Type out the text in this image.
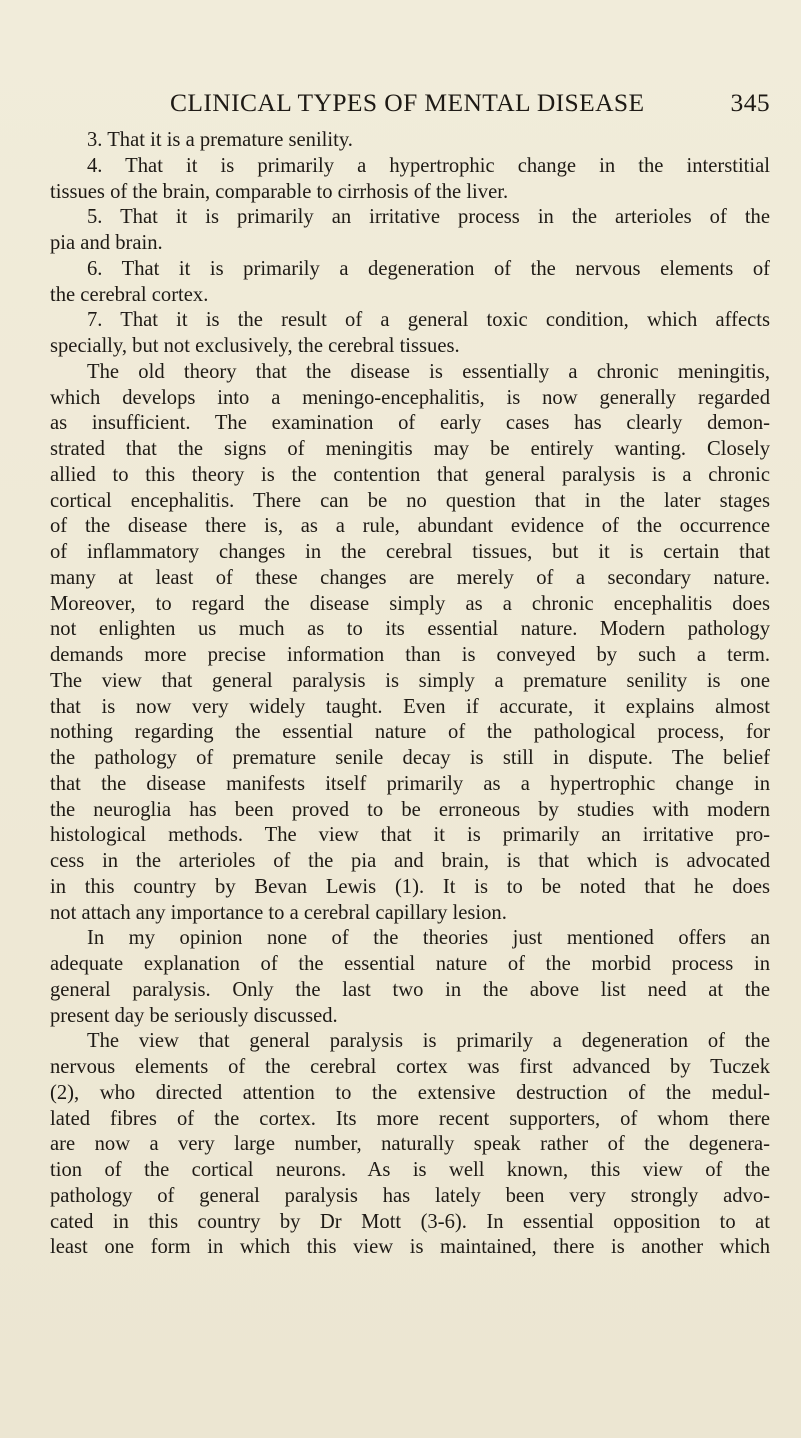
CLINICAL TYPES OF MENTAL DISEASE	345
3. That it is a premature senility.
4. That it is primarily a hypertrophic change in the interstitial
tissues of the brain, comparable to cirrhosis of the liver.
5. That it is primarily an irritative process in the arterioles of the
pia and brain.
6. That it is primarily a degeneration of the nervous elements of
the cerebral cortex.
7. That it is the result of a general toxic condition, which affects
specially, but not exclusively, the cerebral tissues.
The old theory that the disease is essentially a chronic meningitis,
which develops into a meningo-encephalitis, is now generally regarded
as insufficient. The examination of early cases has clearly demon-
strated that the signs of meningitis may be entirely wanting. Closely
allied to this theory is the contention that general paralysis is a chronic
cortical encephalitis. There can be no question that in the later stages
of the disease there is, as a rule, abundant evidence of the occurrence
of inflammatory changes in the cerebral tissues, but it is certain that
many at least of these changes are merely of a secondary nature.
Moreover, to regard the disease simply as a chronic encephalitis does
not enlighten us much as to its essential nature. Modern pathology
demands more precise information than is conveyed by such a term.
The view that general paralysis is simply a premature senility is one
that is now very widely taught. Even if accurate, it explains almost
nothing regarding the essential nature of the pathological process, for
the pathology of premature senile decay is still in dispute. The belief
that the disease manifests itself primarily as a hypertrophic change in
the neuroglia has been proved to be erroneous by studies with modern
histological methods. The view that it is primarily an irritative pro-
cess in the arterioles of the pia and brain, is that which is advocated
in this country by Bevan Lewis (1). It is to be noted that he does
not attach any importance to a cerebral capillary lesion.
In my opinion none of the theories just mentioned offers an
adequate explanation of the essential nature of the morbid process in
general paralysis. Only the last two in the above list need at the
present day be seriously discussed.
The view that general paralysis is primarily a degeneration of the
nervous elements of the cerebral cortex was first advanced by Tuczek
(2), who directed attention to the extensive destruction of the medul-
lated fibres of the cortex. Its more recent supporters, of whom there
are now a very large number, naturally speak rather of the degenera-
tion of the cortical neurons. As is well known, this view of the
pathology of general paralysis has lately been very strongly advo-
cated in this country by Dr Mott (3-6). In essential opposition to at
least one form in which this view is maintained, there is another which
